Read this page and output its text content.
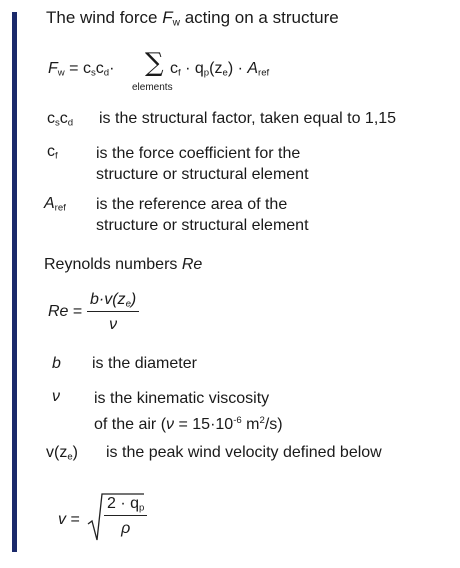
The wind force $F_w$ acting on a structure
$F_w = c_sc_d\cdot$ ∑
elements
$c_f \cdot q_p(z_e) \cdot A_{ref}$
$c_sc_d$ is the structural factor, taken equal to 1,15
$c_f$ is the force coefficient for the
structure or structural element
$A_{ref}$ is the reference area of the
structure or structural element
Reynolds numbers Re
$Re = \frac{b\cdot v(z_e)}{\nu}$
b is the diameter
ν is the kinematic viscosity
of the air ($\nu = 15\cdot 10^{-6}$ $m^2/s$)
$v(z_e)$ is the peak wind velocity defined below
$v = \frac{2 \cdot q_p}{\rho}$
